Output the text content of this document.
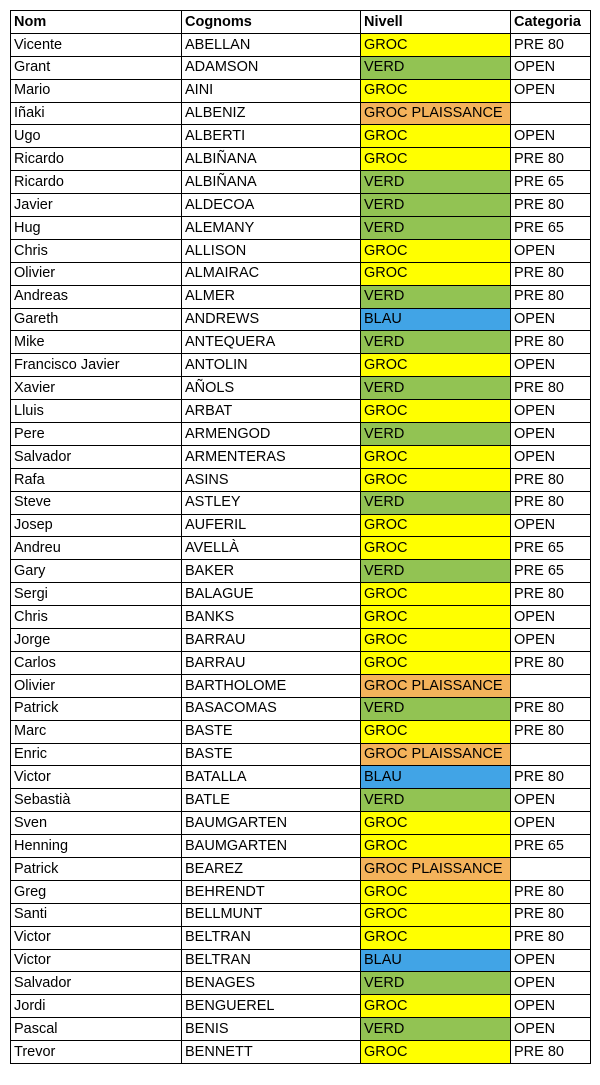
Nom	Cognoms	Nivell	Categoria
Vicente	ABELLAN	GROC	PRE 80
Grant	ADAMSON	VERD	OPEN
Mario	AINI	GROC	OPEN
Iñaki	ALBENIZ	GROC PLAISSANCE	
Ugo	ALBERTI	GROC	OPEN
Ricardo	ALBIÑANA	GROC	PRE 80
Ricardo	ALBIÑANA	VERD	PRE 65
Javier	ALDECOA	VERD	PRE 80
Hug	ALEMANY	VERD	PRE 65
Chris	ALLISON	GROC	OPEN
Olivier	ALMAIRAC	GROC	PRE 80
Andreas	ALMER	VERD	PRE 80
Gareth	ANDREWS	BLAU	OPEN
Mike	ANTEQUERA	VERD	PRE 80
Francisco Javier	ANTOLIN	GROC	OPEN
Xavier	AÑOLS	VERD	PRE 80
Lluis	ARBAT	GROC	OPEN
Pere	ARMENGOD	VERD	OPEN
Salvador	ARMENTERAS	GROC	OPEN
Rafa	ASINS	GROC	PRE 80
Steve	ASTLEY	VERD	PRE 80
Josep	AUFERIL	GROC	OPEN
Andreu	AVELLÀ	GROC	PRE 65
Gary	BAKER	VERD	PRE 65
Sergi	BALAGUE	GROC	PRE 80
Chris	BANKS	GROC	OPEN
Jorge	BARRAU	GROC	OPEN
Carlos	BARRAU	GROC	PRE 80
Olivier	BARTHOLOME	GROC PLAISSANCE	
Patrick	BASACOMAS	VERD	PRE 80
Marc	BASTE	GROC	PRE 80
Enric	BASTE	GROC PLAISSANCE	
Victor	BATALLA	BLAU	PRE 80
Sebastià	BATLE	VERD	OPEN
Sven	BAUMGARTEN	GROC	OPEN
Henning	BAUMGARTEN	GROC	PRE 65
Patrick	BEAREZ	GROC PLAISSANCE	
Greg	BEHRENDT	GROC	PRE 80
Santi	BELLMUNT	GROC	PRE 80
Victor	BELTRAN	GROC	PRE 80
Victor	BELTRAN	BLAU	OPEN
Salvador	BENAGES	VERD	OPEN
Jordi	BENGUEREL	GROC	OPEN
Pascal	BENIS	VERD	OPEN
Trevor	BENNETT	GROC	PRE 80
